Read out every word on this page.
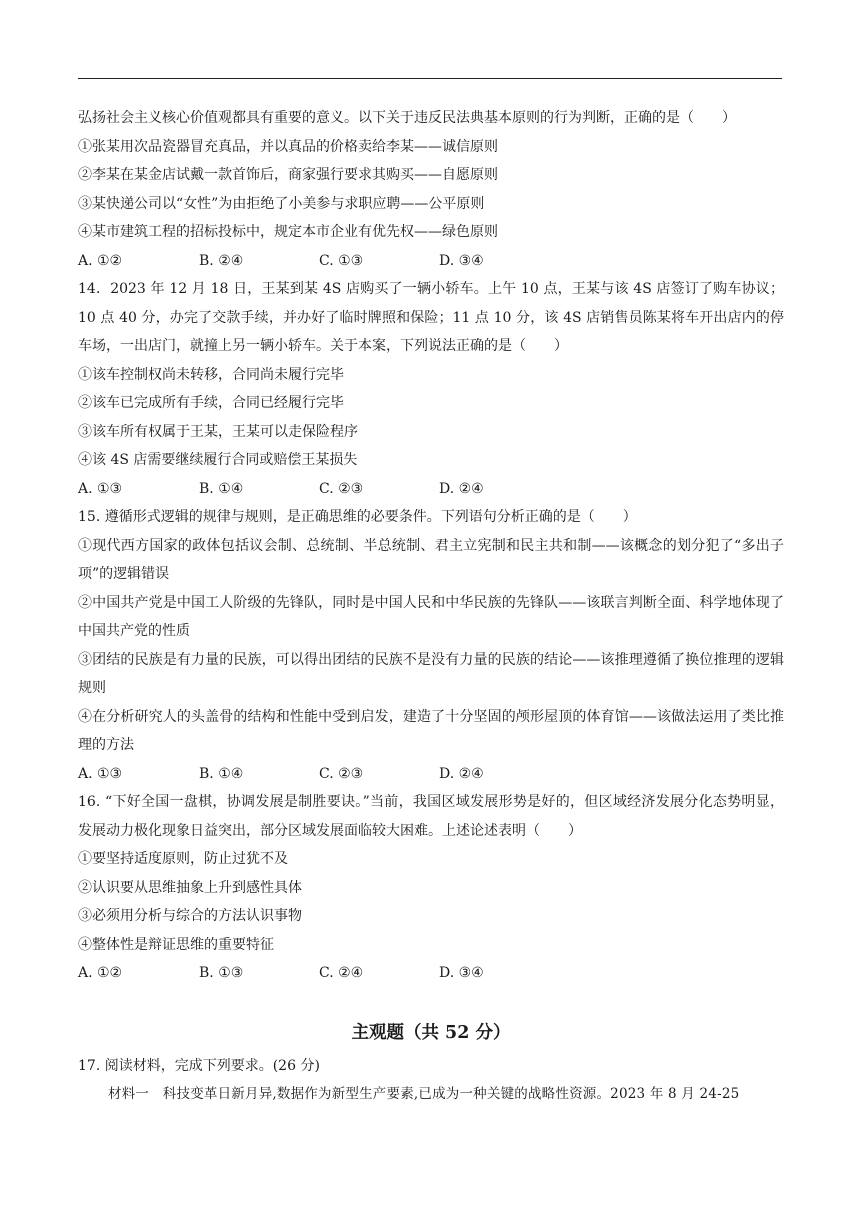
弘扬社会主义核心价值观都具有重要的意义。以下关于违反民法典基本原则的行为判断，正确的是（　　）
①张某用次品瓷器冒充真品，并以真品的价格卖给李某——诚信原则
②李某在某金店试戴一款首饰后，商家强行要求其购买——自愿原则
③某快递公司以“女性”为由拒绝了小美参与求职应聘——公平原则
④某市建筑工程的招标投标中，规定本市企业有优先权——绿色原则
A. ①②	B. ②④	C. ①③	D. ③④
14．2023 年 12 月 18 日，王某到某 4S 店购买了一辆小轿车。上午 10 点，王某与该 4S 店签订了购车协议；10 点 40 分，办完了交款手续，并办好了临时牌照和保险；11 点 10 分，该 4S 店销售员陈某将车开出店内的停车场，一出店门，就撞上另一辆小轿车。关于本案，下列说法正确的是（　　）
①该车控制权尚未转移，合同尚未履行完毕
②该车已完成所有手续，合同已经履行完毕
③该车所有权属于王某，王某可以走保险程序
④该 4S 店需要继续履行合同或赔偿王某损失
A. ①③	B. ①④	C. ②③	D. ②④
15. 遵循形式逻辑的规律与规则，是正确思维的必要条件。下列语句分析正确的是（　　）
①现代西方国家的政体包括议会制、总统制、半总统制、君主立宪制和民主共和制——该概念的划分犯了“多出子项”的逻辑错误
②中国共产党是中国工人阶级的先锋队，同时是中国人民和中华民族的先锋队——该联言判断全面、科学地体现了中国共产党的性质
③团结的民族是有力量的民族，可以得出团结的民族不是没有力量的民族的结论——该推理遵循了换位推理的逻辑规则
④在分析研究人的头盖骨的结构和性能中受到启发，建造了十分坚固的颅形屋顶的体育馆——该做法运用了类比推理的方法
A. ①③	B. ①④	C. ②③	D. ②④
16. “下好全国一盘棋，协调发展是制胜要诀。”当前，我国区域发展形势是好的，但区域经济发展分化态势明显，发展动力极化现象日益突出，部分区域发展面临较大困难。上述论述表明（　　）
①要坚持适度原则，防止过犹不及
②认识要从思维抽象上升到感性具体
③必须用分析与综合的方法认识事物
④整体性是辩证思维的重要特征
A. ①②	B. ①③	C. ②④	D. ③④
主观题（共 52 分）
17. 阅读材料，完成下列要求。(26 分)
材料一　科技变革日新月异,数据作为新型生产要素,已成为一种关键的战略性资源。2023 年 8 月 24-25
